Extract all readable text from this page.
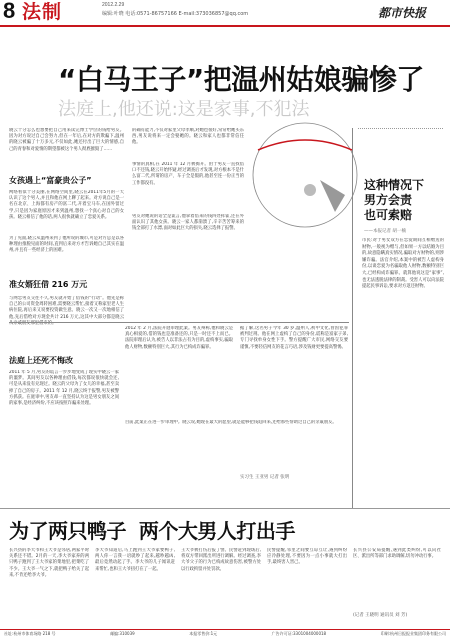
8 法制	2012.2.29
编辑:叶晓 电话:0571-86757166 E-mail:373036857@qq.com	都市快报
“白马王子”把温州姑娘骗惨了
法庭上,他还说:这是家事,不犯法
晓云十分怎么也想要把自己用来读完博士学位的钱给男友。因为对方说过自己会努力,但在一年后,在对方的欺骗下,温州的晓云被骗了十万多元,不仅如此,她还付出了巨大的情感,自己的青春和对爱情的期望都被这个男人彻底摧毁了……
女孩遇上“富豪贵公子”
网络看似十分美丽,在网络空间里,晓云在2011年5月的一天认识了这个男人,并且和他在网上聊了起来。对方说自己是一名在北京、上海都有房产的富二代,开着宝马车,在国外留过学,只是因为家庭原因才来到温州,想找一个真心对自己的女孩。晓云相信了他的话,两人很快就确立了恋爱关系。
为了见面,晓云从温州来到了他所说的城市,可是对方总是以各种理由推脱见面的时间,直到后来对方才告诉她自己其实在温州,并且有一些经济上的困难。
准女婿狂借 216 万元
与网恋男友交往不久,男友就开始了借钱的“行动”。他先是称自己的公司资金周转困难,需要晓云帮忙,接着又称家里老人生病住院,再后来又说要投资做生意。晓云一次又一次地相信了他,先后借给对方现金共计 216 万元,这其中大部分都是晓云从亲戚朋友那里借来的。
的确有能力,不仅对家里父母孝顺,对她也很好,常常给她买东西,男友说将来一定会娶她的。晓云和家人也都非常信任他。
事情的真相,在 2011 年 12 月被揭开。由于男友一直找借口不还钱,晓云开始怀疑,经过调查后才发现,对方根本不是什么富二代,所谓的房产、车子全是假的,他甚至连一份正当的工作都没有。
男友对她说的话全是谎言,他拿着借来的钱四处挥霍,还在外面认识了其他女孩。晓云一家人都崩溃了,辛辛苦苦筹来的钱全部打了水漂,面对如此巨大的损失,晓云选择了报警。
这种情况下
男方会责
也可索赔
——本报记者 胡一楠
市民:对于男女双方在恋爱期间互相赠送的财物,一般视为赠与,但如果一方以结婚为目的,故意隐瞒真实情况,骗取对方财物的,则涉嫌诈骗。法官介绍,本案中的被告人虚构身份,以谈恋爱为名骗取他人财物,数额特别巨大,已经构成诈骗罪。就算他说这是“家事”,也无法逃脱法律的制裁。受害人可以向法院提起民事诉讼,要求对方返还财物。
法庭上还死不悔改
2011 年 5 月,男友的谎言一步步地变成了现实中晓云一家的噩梦。其间男友以各种理由借钱,每次都说很快就会还,可是从来没有兑现过。晓云的父母为了女儿的幸福,甚至卖掉了自己的房子。2011 年 12 月,晓云终于报警,男友被警方抓获。在庭审中,男友却一直坚持认为这是男女朋友之间的家事,是经济纠纷,不应该按照诈骗来处理。
2012 年 2 月,法院开庭审理此案。男友辩称,他和晓云是真心相爱的,借的钱也是准备还的,只是一时还不上而已。法院审理后认为,被告人以非法占有为目的,虚构事实,骗取他人财物,数额特别巨大,其行为已构成诈骗罪。
据了解,这名男子今年 30 岁,温州人,初中文化,曾因犯罪被判过刑。他在网上虚构了自己的身份,谎称是富家子弟,专门寻找单身女性下手。警方提醒广大市民,网络交友要谨慎,不要轻信网友的花言巧语,涉及钱财更要提高警惕。
目前,此案正在进一步审理中。晓云说,她现在最大的愿望,就是能够把钱追回来,还给那些帮助过自己的亲戚朋友。
实习生 王亚男 记者 张明
为了两只鸭子  两个大男人打出手
长兴县的李大爷和王大爷是邻居,两家平时关系还不错。2月的一天,李大爷家养的两只鸭子跑到了王大爷家的菜地里,把菜吃了不少。王大爷一气之下,就把鸭子给关了起来,不肯还给李大爷。
李大爷知道后,马上跑到王大爷家要鸭子,两人你一言我一语就吵了起来,越吵越凶,最后竟然动起了手。李大爷的儿子闻讯赶来帮忙,也和王大爷扭打在了一起。
王大爷被打伤后报了警。民警赶到现场后,将双方带回派出所进行调解。经过调查,李大爷父子的行为已构成故意伤害,被警方处以行政拘留并处罚款。
民警提醒,邻里之间要互谅互让,遇到纠纷应冷静处理,不要因为一点小事就大打出手,最终害人害己。
长兴县公安局提醒,遇到此类纠纷,可以向社区、派出所等部门求助调解,切勿冲动行事。
(记者 王晓明 通讯员 刘 芳)
社址:杭州市体育场路 218 号	邮编:310039	本报零售价:1元	广告许可证:3301004000018	印刷:杭州日报报业集团印务有限公司
